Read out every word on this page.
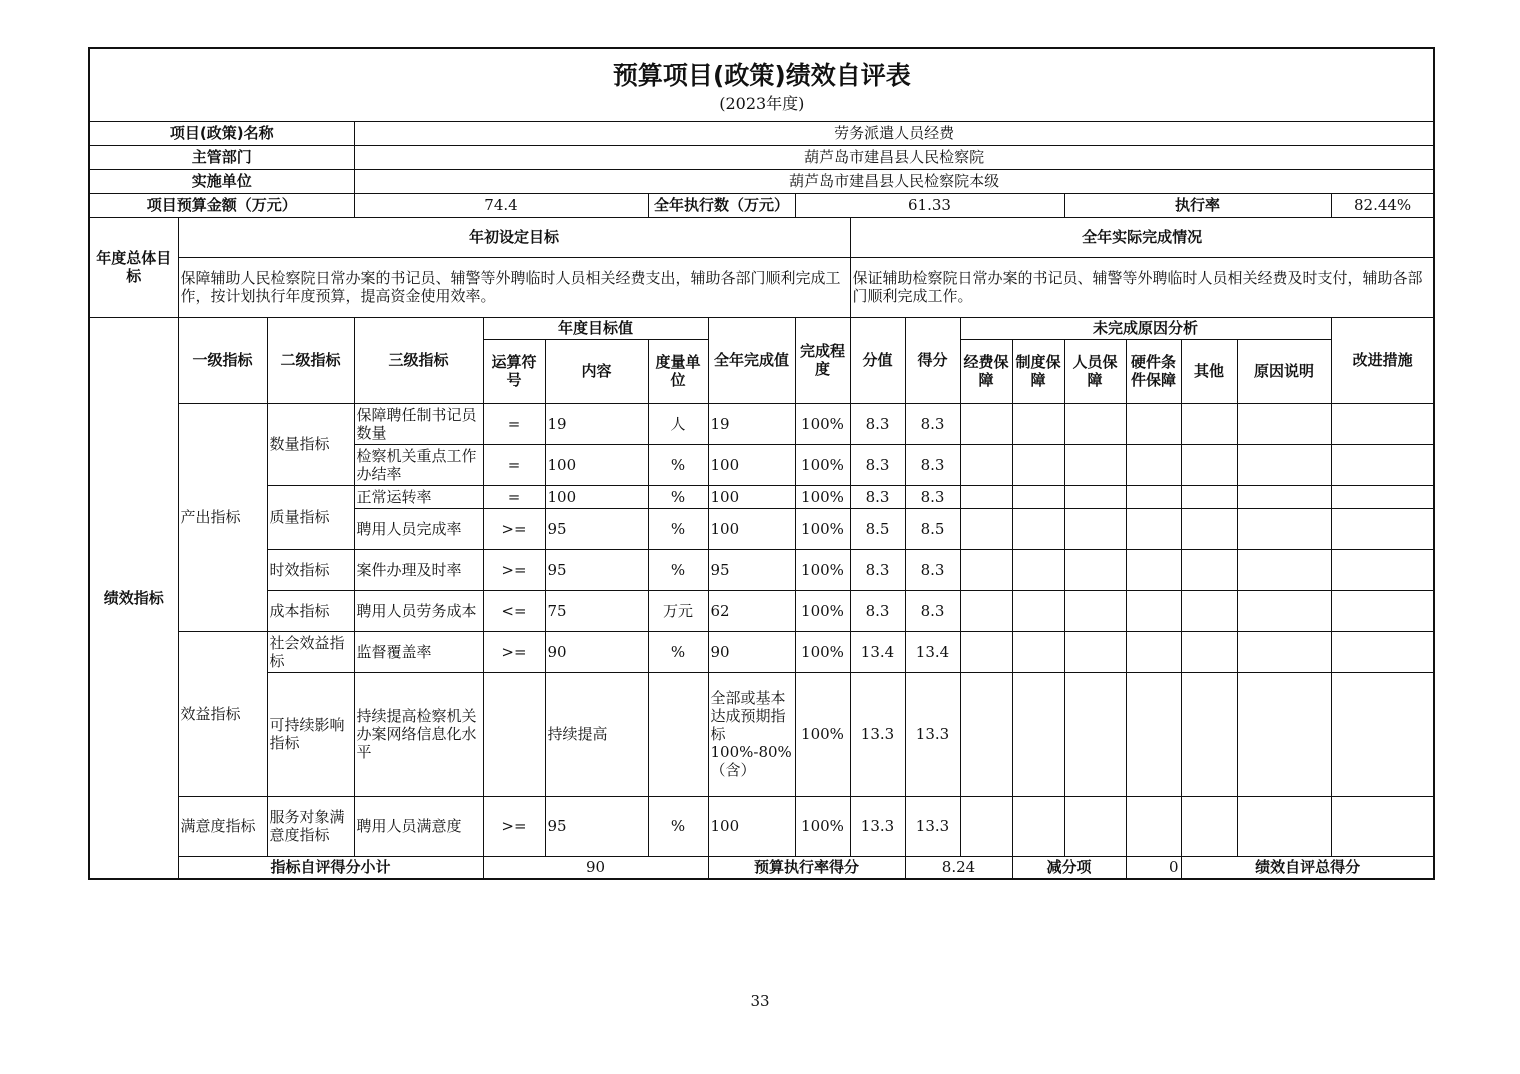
预算项目(政策)绩效自评表
(2023年度)																		

项目(政策)名称			劳务派遣人员经费															
主管部门			葫芦岛市建昌县人民检察院															
实施单位			葫芦岛市建昌县人民检察院本级															
项目预算金额（万元）			74.4			全年执行数（万元）		61.33					执行率				82.44%	
年度总体目标	年初设定目标								全年实际完成情况									
	保障辅助人民检察院日常办案的书记员、辅警等外聘临时人员相关经费支出，辅助各部门顺利完成工作，按计划执行年度预算，提高资金使用效率。								保证辅助检察院日常办案的书记员、辅警等外聘临时人员相关经费及时支付，辅助各部门顺利完成工作。									
绩效指标	一级指标	二级指标	三级指标	年度目标值			全年完成值	完成程度	分值	得分	未完成原因分析						改进措施	
				运算符号	内容	度量单位					经费保障	制度保障	人员保障	硬件条件保障	其他	原因说明		
	产出指标	数量指标	保障聘任制书记员数量	=	19	人	19	100%	8.3	8.3								
			检察机关重点工作办结率	=	100	%	100	100%	8.3	8.3								
		质量指标	正常运转率	=	100	%	100	100%	8.3	8.3								
			聘用人员完成率	>=	95	%	100	100%	8.5	8.5								
		时效指标	案件办理及时率	>=	95	%	95	100%	8.3	8.3								
		成本指标	聘用人员劳务成本	<=	75	万元	62	100%	8.3	8.3								
	效益指标	社会效益指标	监督覆盖率	>=	90	%	90	100%	13.4	13.4								
		可持续影响指标	持续提高检察机关办案网络信息化水平		持续提高		全部或基本达成预期指标100%-80%（含）	100%	13.3	13.3								
	满意度指标	服务对象满意度指标	聘用人员满意度	>=	95	%	100	100%	13.3	13.3								
	指标自评得分小计			90			预算执行率得分			8.24		减分项		0	绩效自评总得分	
33
